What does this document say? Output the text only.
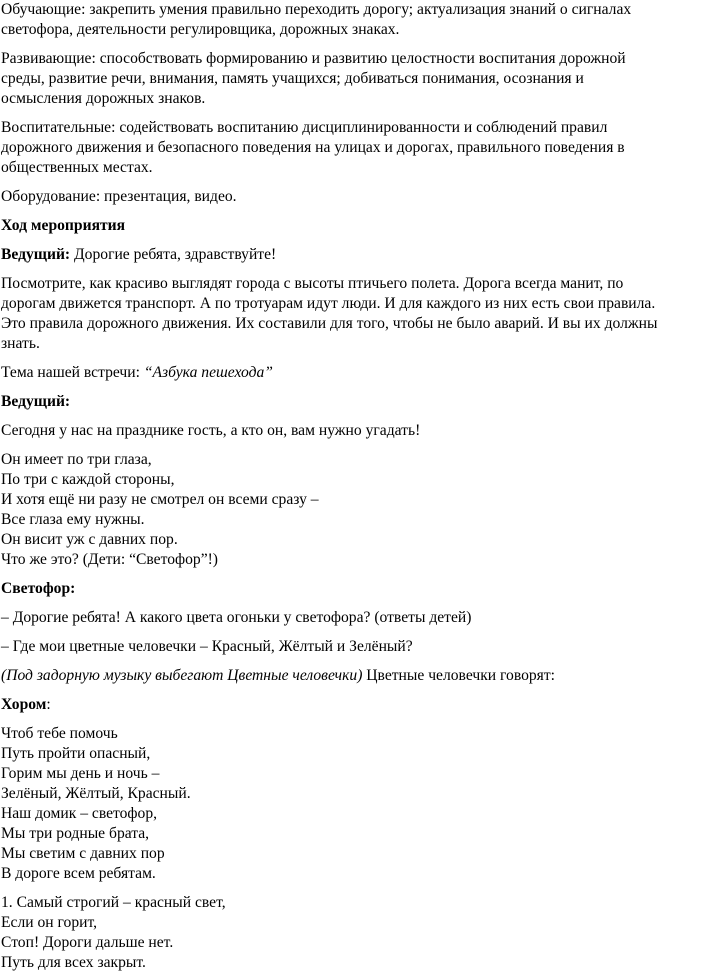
Обучающие: закрепить умения правильно переходить дорогу; актуализация знаний о сигналах

светофора, деятельности регулировщика, дорожных знаках.

Развивающие: способствовать формированию и развитию целостности воспитания дорожной

среды, развитие речи, внимания, память учащихся; добиваться понимания, осознания и

осмысления дорожных знаков.

Воспитательные: содействовать воспитанию дисциплинированности и соблюдений правил

дорожного движения и безопасного поведения на улицах и дорогах, правильного поведения в

общественных местах.

Оборудование: презентация, видео.

Ход мероприятия

Ведущий: Дорогие ребята, здравствуйте!

Посмотрите, как красиво выглядят города с высоты птичьего полета. Дорога всегда манит, по

дорогам движется транспорт. А по тротуарам идут люди. И для каждого из них есть свои правила.

Это правила дорожного движения. Их составили для того, чтобы не было аварий. И вы их должны

знать.

Тема нашей встречи: “Азбука пешехода”

Ведущий:

Сегодня у нас на празднике гость, а кто он, вам нужно угадать!

Он имеет по три глаза,

По три с каждой стороны,

И хотя ещё ни разу не смотрел он всеми сразу –

Все глаза ему нужны.

Он висит уж с давних пор.

Что же это? (Дети: “Светофор”!)

Светофор:

– Дорогие ребята! А какого цвета огоньки у светофора? (ответы детей)

– Где мои цветные человечки – Красный, Жёлтый и Зелёный?

(Под задорную музыку выбегают Цветные человечки) Цветные человечки говорят:

Хором:

Чтоб тебе помочь

Путь пройти опасный,

Горим мы день и ночь –

Зелёный, Жёлтый, Красный.

Наш домик – светофор,

Мы три родные брата,

Мы светим с давних пор

В дороге всем ребятам.

1. Самый строгий – красный свет,

Если он горит,

Стоп! Дороги дальше нет.

Путь для всех закрыт.
